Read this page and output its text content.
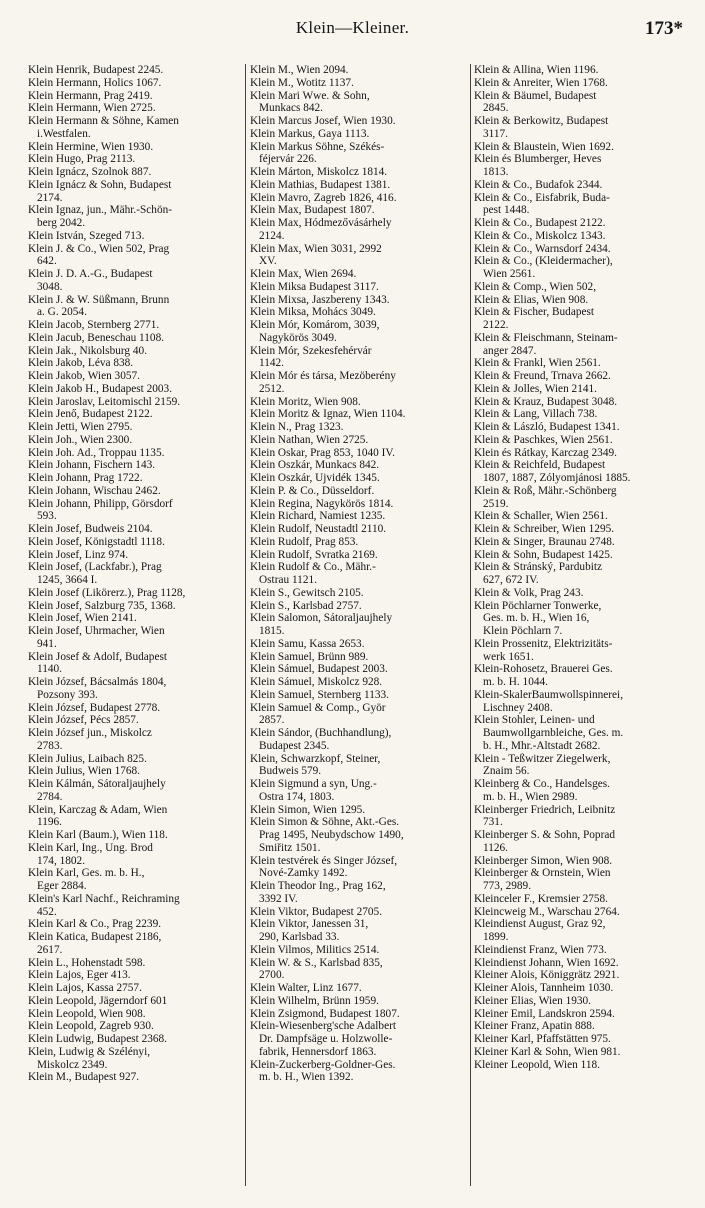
Klein—Kleiner.	173*
Klein Henrik, Budapest 2245.
Klein Hermann, Holics 1067.
Klein Hermann, Prag 2419.
Klein Hermann, Wien 2725.
Klein Hermann & Söhne, Kamen
i.Westfalen.
Klein Hermine, Wien 1930.
Klein Hugo, Prag 2113.
Klein Ignácz, Szolnok 887.
Klein Ignácz & Sohn, Budapest
2174.
Klein Ignaz, jun., Mähr.-Schön-
berg 2042.
Klein István, Szeged 713.
Klein J. & Co., Wien 502, Prag
642.
Klein J. D. A.-G., Budapest
3048.
Klein J. & W. Süßmann, Brunn
a. G. 2054.
Klein Jacob, Sternberg 2771.
Klein Jacub, Beneschau 1108.
Klein Jak., Nikolsburg 40.
Klein Jakob, Léva 838.
Klein Jakob, Wien 3057.
Klein Jakob H., Budapest 2003.
Klein Jaroslav, Leitomischl 2159.
Klein Jenő, Budapest 2122.
Klein Jetti, Wien 2795.
Klein Joh., Wien 2300.
Klein Joh. Ad., Troppau 1135.
Klein Johann, Fischern 143.
Klein Johann, Prag 1722.
Klein Johann, Wischau 2462.
Klein Johann, Philipp, Görsdorf
593.
Klein Josef, Budweis 2104.
Klein Josef, Königstadtl 1118.
Klein Josef, Linz 974.
Klein Josef, (Lackfabr.), Prag
1245, 3664 I.
Klein Josef (Likörerz.), Prag 1128,
Klein Josef, Salzburg 735, 1368.
Klein Josef, Wien 2141.
Klein Josef, Uhrmacher, Wien
941.
Klein Josef & Adolf, Budapest
1140.
Klein József, Bácsalmás 1804,
Pozsony 393.
Klein József, Budapest 2778.
Klein József, Pécs 2857.
Klein József jun., Miskolcz
2783.
Klein Julius, Laibach 825.
Klein Julius, Wien 1768.
Klein Kálmán, Sátoraljaujhely
2784.
Klein, Karczag & Adam, Wien
1196.
Klein Karl (Baum.), Wien 118.
Klein Karl, Ing., Ung. Brod
174, 1802.
Klein Karl, Ges. m. b. H.,
Eger 2884.
Klein's Karl Nachf., Reichraming
452.
Klein Karl & Co., Prag 2239.
Klein Katica, Budapest 2186,
2617.
Klein L., Hohenstadt 598.
Klein Lajos, Eger 413.
Klein Lajos, Kassa 2757.
Klein Leopold, Jägerndorf 601
Klein Leopold, Wien 908.
Klein Leopold, Zagreb 930.
Klein Ludwig, Budapest 2368.
Klein, Ludwig & Szélényi,
Miskolcz 2349.
Klein M., Budapest 927.
Klein M., Wien 2094.
Klein M., Wotitz 1137.
Klein Mari Wwe. & Sohn,
Munkacs 842.
Klein Marcus Josef, Wien 1930.
Klein Markus, Gaya 1113.
Klein Markus Söhne, Székés-
féjervár 226.
Klein Márton, Miskolcz 1814.
Klein Mathias, Budapest 1381.
Klein Mavro, Zagreb 1826, 416.
Klein Max, Budapest 1807.
Klein Max, Hódmezővásárhely
2124.
Klein Max, Wien 3031, 2992
XV.
Klein Max, Wien 2694.
Klein Miksa Budapest 3117.
Klein Mixsa, Jaszbereny 1343.
Klein Miksa, Mohács 3049.
Klein Mór, Komárom, 3039,
Nagykörös 3049.
Klein Mór, Szekesfehérvár
1142.
Klein Mór és társa, Mezöberény
2512.
Klein Moritz, Wien 908.
Klein Moritz & Ignaz, Wien 1104.
Klein N., Prag 1323.
Klein Nathan, Wien 2725.
Klein Oskar, Prag 853, 1040 IV.
Klein Oszkár, Munkacs 842.
Klein Oszkár, Ujvidék 1345.
Klein P. & Co., Düsseldorf.
Klein Regina, Nagykörös 1814.
Klein Richard, Namiest 1235.
Klein Rudolf, Neustadtl 2110.
Klein Rudolf, Prag 853.
Klein Rudolf, Svratka 2169.
Klein Rudolf & Co., Mähr.-
Ostrau 1121.
Klein S., Gewitsch 2105.
Klein S., Karlsbad 2757.
Klein Salomon, Sátoraljaujhely
1815.
Klein Samu, Kassa 2653.
Klein Samuel, Brünn 989.
Klein Sámuel, Budapest 2003.
Klein Sámuel, Miskolcz 928.
Klein Samuel, Sternberg 1133.
Klein Samuel & Comp., Györ
2857.
Klein Sándor, (Buchhandlung),
Budapest 2345.
Klein, Schwarzkopf, Steiner,
Budweis 579.
Klein Sigmund a syn, Ung.-
Ostra 174, 1803.
Klein Simon, Wien 1295.
Klein Simon & Söhne, Akt.-Ges.
Prag 1495, Neubydschow 1490,
Smiřitz 1501.
Klein testvérek és Singer József,
Nové-Zamky 1492.
Klein Theodor Ing., Prag 162,
3392 IV.
Klein Viktor, Budapest 2705.
Klein Viktor, Janessen 31,
290, Karlsbad 33.
Klein Vilmos, Militics 2514.
Klein W. & S., Karlsbad 835,
2700.
Klein Walter, Linz 1677.
Klein Wilhelm, Brünn 1959.
Klein Zsigmond, Budapest 1807.
Klein-Wiesenberg'sche Adalbert
Dr. Dampfsäge u. Holzwolle-
fabrik, Hennersdorf 1863.
Klein-Zuckerberg-Goldner-Ges.
m. b. H., Wien 1392.
Klein & Allina, Wien 1196.
Klein & Anreiter, Wien 1768.
Klein & Bäumel, Budapest
2845.
Klein & Berkowitz, Budapest
3117.
Klein & Blaustein, Wien 1692.
Klein és Blumberger, Heves
1813.
Klein & Co., Budafok 2344.
Klein & Co., Eisfabrik, Buda-
pest 1448.
Klein & Co., Budapest 2122.
Klein & Co., Miskolcz 1343.
Klein & Co., Warnsdorf 2434.
Klein & Co., (Kleidermacher),
Wien 2561.
Klein & Comp., Wien 502,
Klein & Elias, Wien 908.
Klein & Fischer, Budapest
2122.
Klein & Fleischmann, Steinam-
anger 2847.
Klein & Frankl, Wien 2561.
Klein & Freund, Trnava 2662.
Klein & Jolles, Wien 2141.
Klein & Krauz, Budapest 3048.
Klein & Lang, Villach 738.
Klein & László, Budapest 1341.
Klein & Paschkes, Wien 2561.
Klein és Rátkay, Karczag 2349.
Klein & Reichfeld, Budapest
1807, 1887, Zólyomjánosi 1885.
Klein & Roß, Mähr.-Schönberg
2519.
Klein & Schaller, Wien 2561.
Klein & Schreiber, Wien 1295.
Klein & Singer, Braunau 2748.
Klein & Sohn, Budapest 1425.
Klein & Stránský, Pardubitz
627, 672 IV.
Klein & Volk, Prag 243.
Klein Pöchlarner Tonwerke,
Ges. m. b. H., Wien 16,
Klein Pöchlarn 7.
Klein Prossenitz, Elektrizitäts-
werk 1651.
Klein-Rohosetz, Brauerei Ges.
m. b. H. 1044.
Klein-SkalerBaumwollspinnerei,
Lischney 2408.
Klein Stohler, Leinen- und
Baumwollgarnbleiche, Ges. m.
b. H., Mhr.-Altstadt 2682.
Klein - Teßwitzer Ziegelwerk,
Znaim 56.
Kleinberg & Co., Handelsges.
m. b. H., Wien 2989.
Kleinberger Friedrich, Leibnitz
731.
Kleinberger S. & Sohn, Poprad
1126.
Kleinberger Simon, Wien 908.
Kleinberger & Ornstein, Wien
773, 2989.
Kleinceler F., Kremsier 2758.
Kleincweig M., Warschau 2764.
Kleindienst August, Graz 92,
1899.
Kleindienst Franz, Wien 773.
Kleindienst Johann, Wien 1692.
Kleiner Alois, Königgrätz 2921.
Kleiner Alois, Tannheim 1030.
Kleiner Elias, Wien 1930.
Kleiner Emil, Landskron 2594.
Kleiner Franz, Apatin 888.
Kleiner Karl, Pfaffstätten 975.
Kleiner Karl & Sohn, Wien 981.
Kleiner Leopold, Wien 118.
